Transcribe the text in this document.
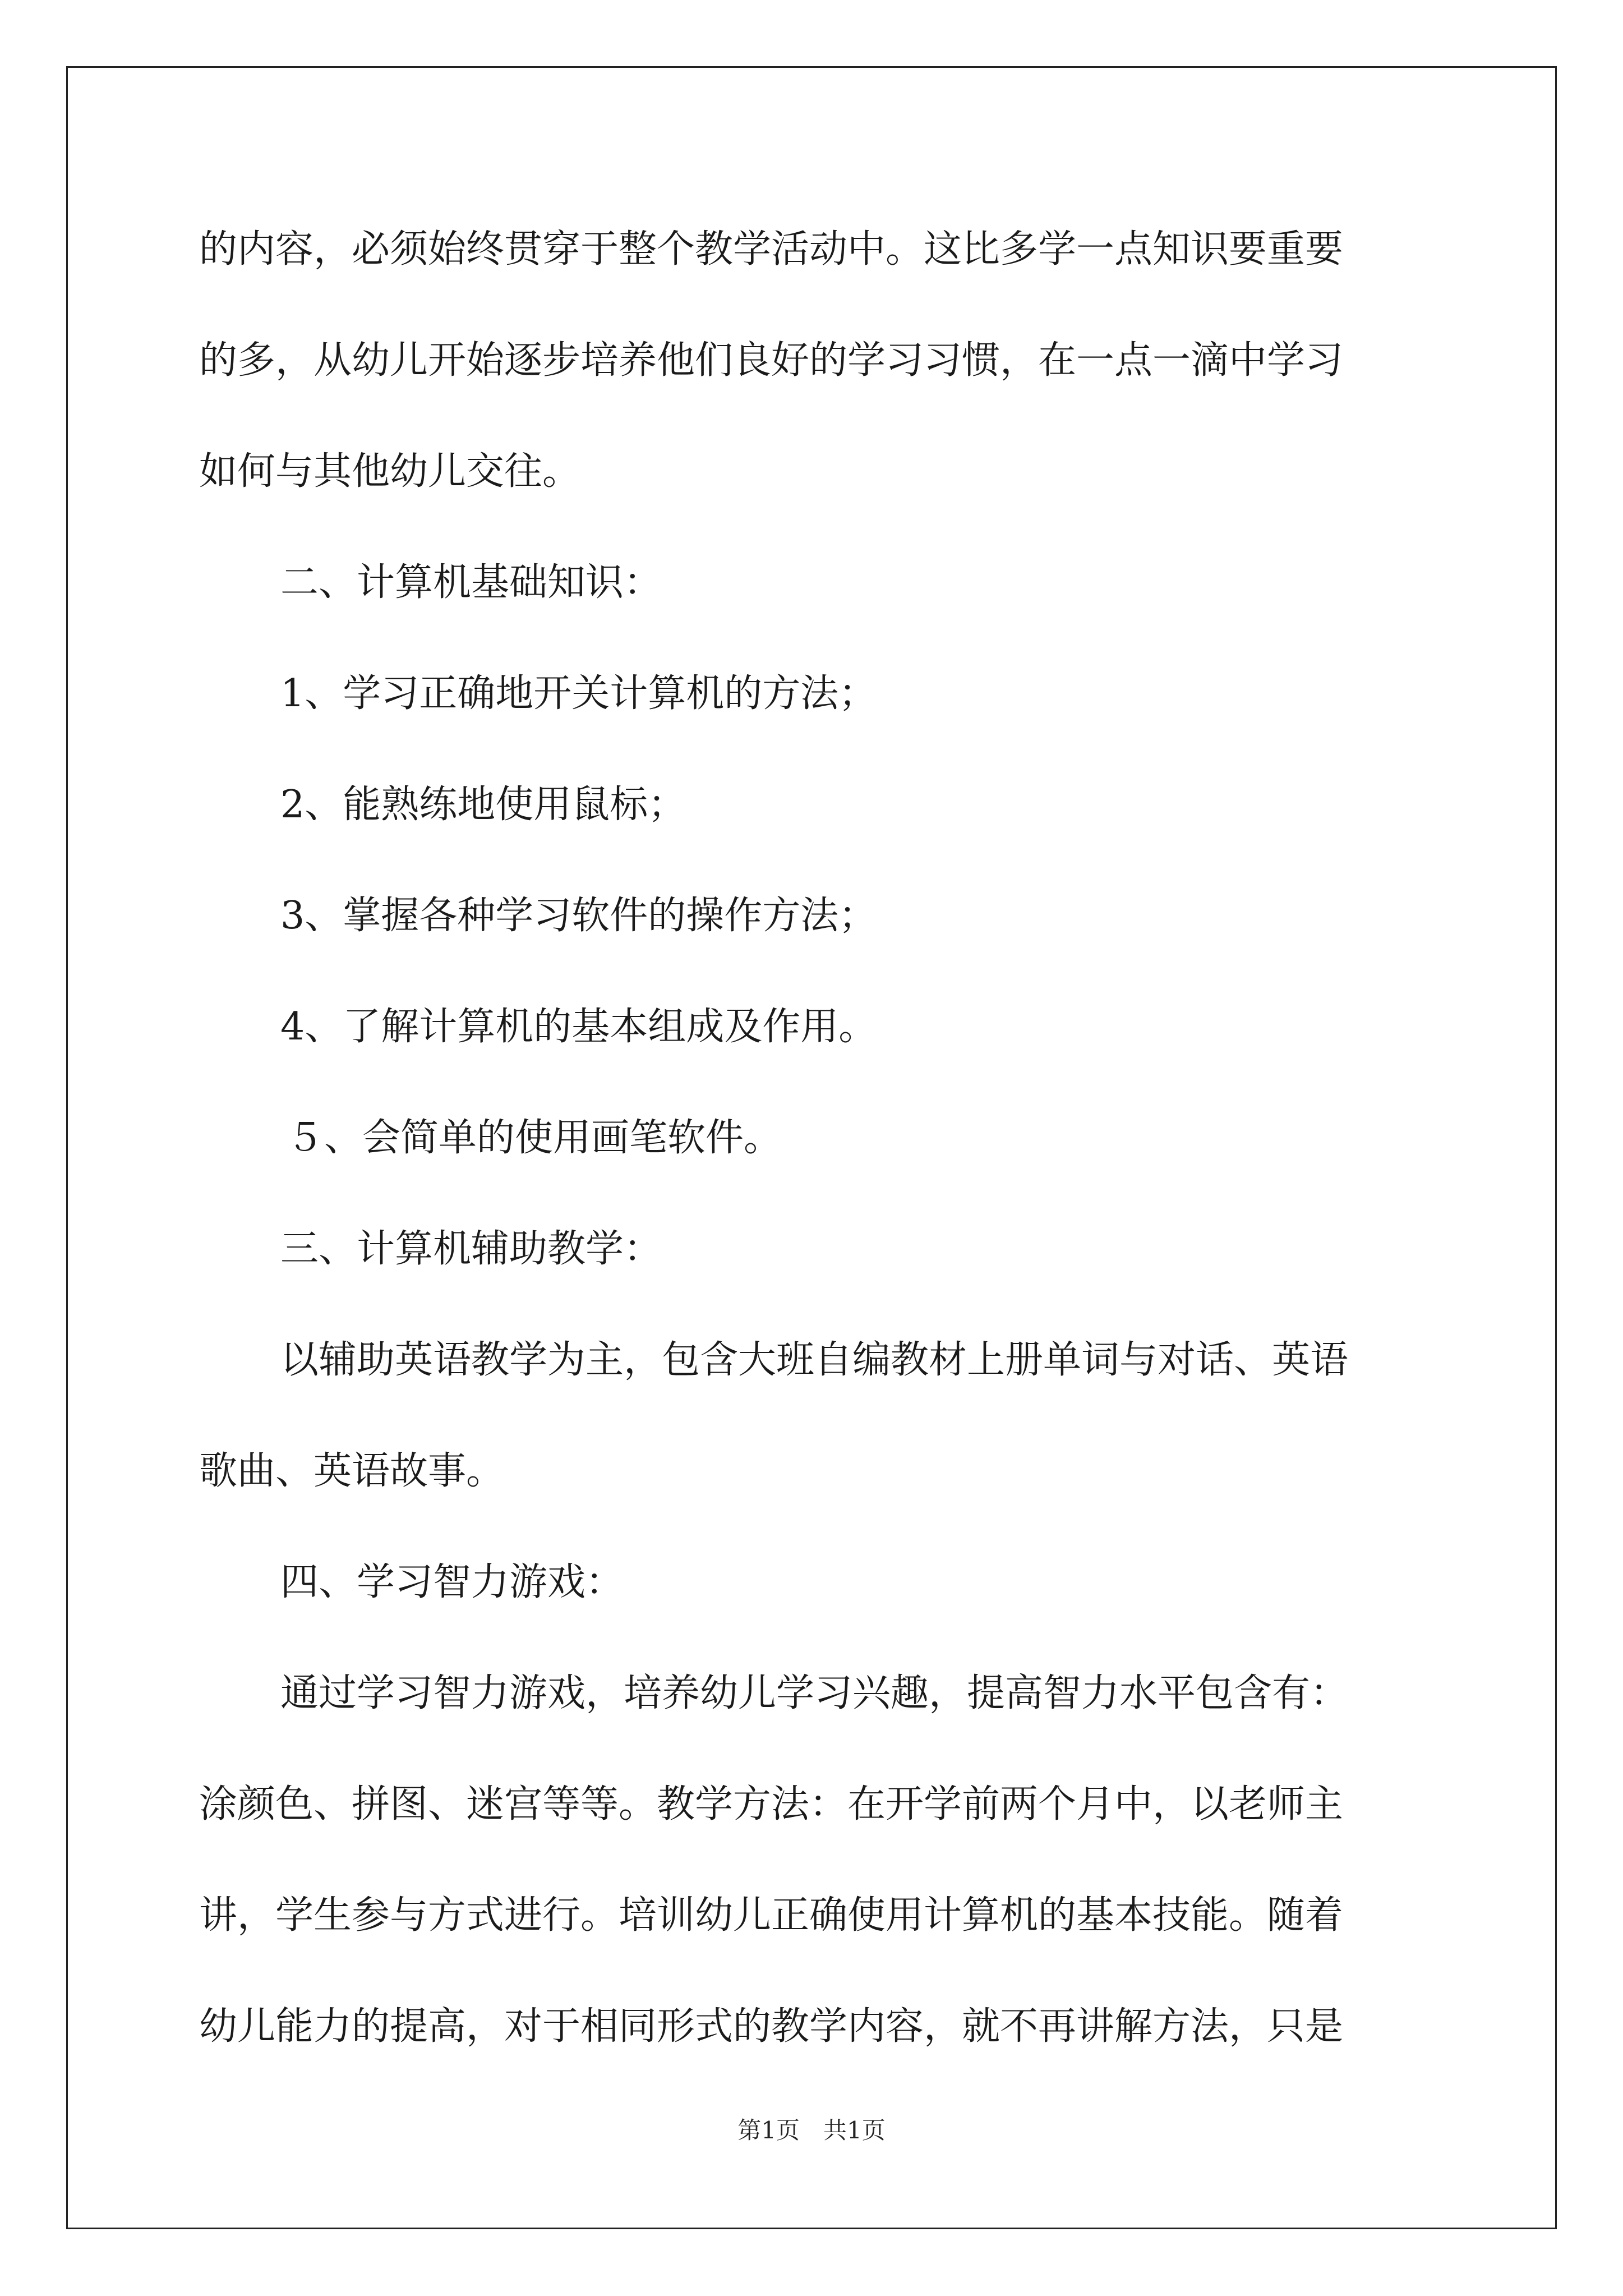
的内容，必须始终贯穿于整个教学活动中。这比多学一点知识要重要

的多，从幼儿开始逐步培养他们良好的学习习惯，在一点一滴中学习

如何与其他幼儿交往。

二、计算机基础知识：

1、学习正确地开关计算机的方法；

2、能熟练地使用鼠标；

3、掌握各种学习软件的操作方法；

4、了解计算机的基本组成及作用。

５、会简单的使用画笔软件。

三、计算机辅助教学：

以辅助英语教学为主，包含大班自编教材上册单词与对话、英语

歌曲、英语故事。

四、学习智力游戏：

通过学习智力游戏，培养幼儿学习兴趣，提高智力水平包含有：

涂颜色、拼图、迷宫等等。教学方法：在开学前两个月中，以老师主

讲，学生参与方式进行。培训幼儿正确使用计算机的基本技能。随着

幼儿能力的提高，对于相同形式的教学内容，就不再讲解方法，只是

第1页　共1页
